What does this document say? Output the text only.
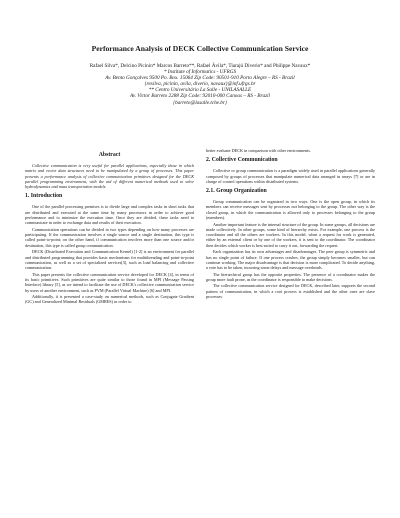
Performance Analysis of DECK Collective Communication Service
Rafael Silva*, Delcino Picinin* Marcos Barreto**, Rafael Ávila*, Tiarajú Diverio* and Philippe Navaux*
* Institute of Informatics - UFRGS
Av. Bento Gonçalves 9500 Po. Box. 15064 Zip Code: 90501-910 Porto Alegre – RS - Brazil
{rexilva, picinin, avila, diverio, navaux}@inf.ufrgs.br
** Centro Universitário La Salle - UNILASALLE
Av. Victor Barreto 2288 Zip Code: 92010-000 Canoas – RS - Brazil
{barreto@lasalle.tche.br}
Abstract

Collective communication is very useful for parallel applications, especially those in which matrix and vector data structures need to be manipulated by a group of processes. This paper presents a performance analysis of collective communication primitives designed for the DECK parallel programming environment, with the aid of different numerical methods used to solve hydrodynamics and mass transportation models.

1. Introduction

One of the parallel processing premises is to divide large and complex tasks in short tasks that are distributed and executed at the same time by many processors in order to achieve good performance and to minimize the execution time. Once they are divided, these tasks need to communicate in order to exchange data and results of their execution.

Communication operations can be divided in two types depending on how many processes are participating. If the communication involves a single source and a single destination, this type is called point-to-point; on the other hand, if communication involves more than one source and/or destination, this type is called group communication.

DECK (Distributed Execution and Communication Kernel) [1-2] is an environment for parallel and distributed programming that provides basic mechanisms for multithreading and point-to-point communication, as well as a set of specialized services[3], such as load balancing and collective communication.

This paper presents the collective communication service developed for DECK [4], in terms of its basic primitives. Such primitives are quite similar to those found in MPI (Message Passing Interface) library [5], as we intend to facilitate the use of DECK's collective communication service by users of another environment, such as PVM (Parallel Virtual Machine) [6] and MPI.

Additionally, it is presented a case-study on numerical methods, such as Conjugate Gradient (GC) and Generalized Minimal Residuals (GMRES) in order to

better evaluate DECK in comparison with other environments.

2. Collective Communication

Collective or group communication is a paradigm widely used in parallel applications generally composed by groups of processes that manipulate numerical data arranged in arrays [7] or are in charge of control operations within distributed systems.

2.1. Group Organization

Group communication can be organized in two ways. One is the open group, in which its members can receive messages sent by processes not belonging to the group. The other way is the closed group, in which the communication is allowed only to processes belonging to the group (members).

Another important feature is the internal structure of the group. In some groups, all decisions are made collectively. In other groups, some kind of hierarchy exists. For example, one process is the coordinator and all the others are workers. In this model, when a request for work is generated, either by an external client or by one of the workers, it is sent to the coordinator. The coordinator then decides which worker is best suited to carry it out, forwarding the request.

Each organization has its own advantages and disadvantages. The peer group is symmetric and has no single point of failure. If one process crashes, the group simply becomes smaller, but can continue working. The major disadvantage is that decision is more complicated. To decide anything, a vote has to be taken, incurring some delays and message overheads.

The hierarchical group has the opposite properties. The presence of a coordinator makes the group more fault prone, as the coordinator is responsible to make decisions.

The collective communication service designed for DECK, described later, supports the second pattern of communication, in which a root process is established and the other ones are slave processes.
